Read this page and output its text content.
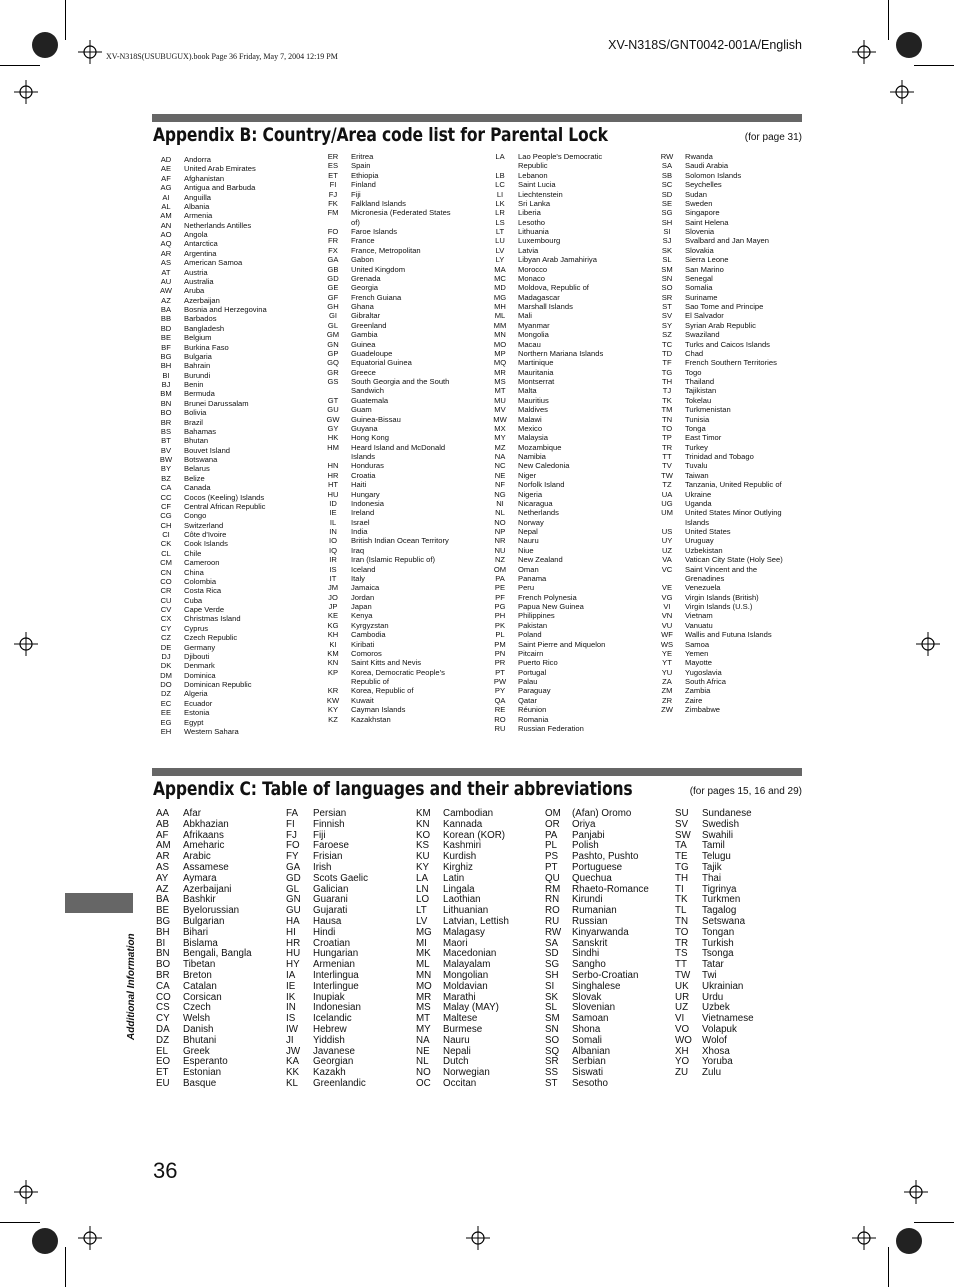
XV-N318S/GNT0042-001A/English
XV-N318S(USUBUGUX).book Page 36 Friday, May 7, 2004 12:19 PM
Appendix B: Country/Area code list for Parental Lock	(for page 31)
AD	Andorra
AE	United Arab Emirates
AF	Afghanistan
AG	Antigua and Barbuda
AI	Anguilla
AL	Albania
AM	Armenia
AN	Netherlands Antilles
AO	Angola
AQ	Antarctica
AR	Argentina
AS	American Samoa
AT	Austria
AU	Australia
AW	Aruba
AZ	Azerbaijan
BA	Bosnia and Herzegovina
BB	Barbados
BD	Bangladesh
BE	Belgium
BF	Burkina Faso
BG	Bulgaria
BH	Bahrain
BI	Burundi
BJ	Benin
BM	Bermuda
BN	Brunei Darussalam
BO	Bolivia
BR	Brazil
BS	Bahamas
BT	Bhutan
BV	Bouvet Island
BW	Botswana
BY	Belarus
BZ	Belize
CA	Canada
CC	Cocos (Keeling) Islands
CF	Central African Republic
CG	Congo
CH	Switzerland
CI	Côte d'Ivoire
CK	Cook Islands
CL	Chile
CM	Cameroon
CN	China
CO	Colombia
CR	Costa Rica
CU	Cuba
CV	Cape Verde
CX	Christmas Island
CY	Cyprus
CZ	Czech Republic
DE	Germany
DJ	Djibouti
DK	Denmark
DM	Dominica
DO	Dominican Republic
DZ	Algeria
EC	Ecuador
EE	Estonia
EG	Egypt
EH	Western Sahara
ER	Eritrea
ES	Spain
ET	Ethiopia
FI	Finland
FJ	Fiji
FK	Falkland Islands
FM	Micronesia (Federated States of)
FO	Faroe Islands
FR	France
FX	France, Metropolitan
GA	Gabon
GB	United Kingdom
GD	Grenada
GE	Georgia
GF	French Guiana
GH	Ghana
GI	Gibraltar
GL	Greenland
GM	Gambia
GN	Guinea
GP	Guadeloupe
GQ	Equatorial Guinea
GR	Greece
GS	South Georgia and the South Sandwich
GT	Guatemala
GU	Guam
GW	Guinea-Bissau
GY	Guyana
HK	Hong Kong
HM	Heard Island and McDonald Islands
HN	Honduras
HR	Croatia
HT	Haiti
HU	Hungary
ID	Indonesia
IE	Ireland
IL	Israel
IN	India
IO	British Indian Ocean Territory
IQ	Iraq
IR	Iran (Islamic Republic of)
IS	Iceland
IT	Italy
JM	Jamaica
JO	Jordan
JP	Japan
KE	Kenya
KG	Kyrgyzstan
KH	Cambodia
KI	Kiribati
KM	Comoros
KN	Saint Kitts and Nevis
KP	Korea, Democratic People's Republic of
KR	Korea, Republic of
KW	Kuwait
KY	Cayman Islands
KZ	Kazakhstan
LA	Lao People's Democratic Republic
LB	Lebanon
LC	Saint Lucia
LI	Liechtenstein
LK	Sri Lanka
LR	Liberia
LS	Lesotho
LT	Lithuania
LU	Luxembourg
LV	Latvia
LY	Libyan Arab Jamahiriya
MA	Morocco
MC	Monaco
MD	Moldova, Republic of
MG	Madagascar
MH	Marshall Islands
ML	Mali
MM	Myanmar
MN	Mongolia
MO	Macau
MP	Northern Mariana Islands
MQ	Martinique
MR	Mauritania
MS	Montserrat
MT	Malta
MU	Mauritius
MV	Maldives
MW	Malawi
MX	Mexico
MY	Malaysia
MZ	Mozambique
NA	Namibia
NC	New Caledonia
NE	Niger
NF	Norfolk Island
NG	Nigeria
NI	Nicaragua
NL	Netherlands
NO	Norway
NP	Nepal
NR	Nauru
NU	Niue
NZ	New Zealand
OM	Oman
PA	Panama
PE	Peru
PF	French Polynesia
PG	Papua New Guinea
PH	Philippines
PK	Pakistan
PL	Poland
PM	Saint Pierre and Miquelon
PN	Pitcairn
PR	Puerto Rico
PT	Portugal
PW	Palau
PY	Paraguay
QA	Qatar
RE	Réunion
RO	Romania
RU	Russian Federation
RW	Rwanda
SA	Saudi Arabia
SB	Solomon Islands
SC	Seychelles
SD	Sudan
SE	Sweden
SG	Singapore
SH	Saint Helena
SI	Slovenia
SJ	Svalbard and Jan Mayen
SK	Slovakia
SL	Sierra Leone
SM	San Marino
SN	Senegal
SO	Somalia
SR	Suriname
ST	Sao Tome and Principe
SV	El Salvador
SY	Syrian Arab Republic
SZ	Swaziland
TC	Turks and Caicos Islands
TD	Chad
TF	French Southern Territories
TG	Togo
TH	Thailand
TJ	Tajikistan
TK	Tokelau
TM	Turkmenistan
TN	Tunisia
TO	Tonga
TP	East Timor
TR	Turkey
TT	Trinidad and Tobago
TV	Tuvalu
TW	Taiwan
TZ	Tanzania, United Republic of
UA	Ukraine
UG	Uganda
UM	United States Minor Outlying Islands
US	United States
UY	Uruguay
UZ	Uzbekistan
VA	Vatican City State (Holy See)
VC	Saint Vincent and the Grenadines
VE	Venezuela
VG	Virgin Islands (British)
VI	Virgin Islands (U.S.)
VN	Vietnam
VU	Vanuatu
WF	Wallis and Futuna Islands
WS	Samoa
YE	Yemen
YT	Mayotte
YU	Yugoslavia
ZA	South Africa
ZM	Zambia
ZR	Zaire
ZW	Zimbabwe
Appendix C: Table of languages and their abbreviations	(for pages 15, 16 and 29)
AA	Afar
AB	Abkhazian
AF	Afrikaans
AM	Ameharic
AR	Arabic
AS	Assamese
AY	Aymara
AZ	Azerbaijani
BA	Bashkir
BE	Byelorussian
BG	Bulgarian
BH	Bihari
BI	Bislama
BN	Bengali, Bangla
BO	Tibetan
BR	Breton
CA	Catalan
CO	Corsican
CS	Czech
CY	Welsh
DA	Danish
DZ	Bhutani
EL	Greek
EO	Esperanto
ET	Estonian
EU	Basque
FA	Persian
FI	Finnish
FJ	Fiji
FO	Faroese
FY	Frisian
GA	Irish
GD	Scots Gaelic
GL	Galician
GN	Guarani
GU	Gujarati
HA	Hausa
HI	Hindi
HR	Croatian
HU	Hungarian
HY	Armenian
IA	Interlingua
IE	Interlingue
IK	Inupiak
IN	Indonesian
IS	Icelandic
IW	Hebrew
JI	Yiddish
JW	Javanese
KA	Georgian
KK	Kazakh
KL	Greenlandic
KM	Cambodian
KN	Kannada
KO	Korean (KOR)
KS	Kashmiri
KU	Kurdish
KY	Kirghiz
LA	Latin
LN	Lingala
LO	Laothian
LT	Lithuanian
LV	Latvian, Lettish
MG	Malagasy
MI	Maori
MK	Macedonian
ML	Malayalam
MN	Mongolian
MO	Moldavian
MR	Marathi
MS	Malay (MAY)
MT	Maltese
MY	Burmese
NA	Nauru
NE	Nepali
NL	Dutch
NO	Norwegian
OC	Occitan
OM	(Afan) Oromo
OR	Oriya
PA	Panjabi
PL	Polish
PS	Pashto, Pushto
PT	Portuguese
QU	Quechua
RM	Rhaeto-Romance
RN	Kirundi
RO	Rumanian
RU	Russian
RW	Kinyarwanda
SA	Sanskrit
SD	Sindhi
SG	Sangho
SH	Serbo-Croatian
SI	Singhalese
SK	Slovak
SL	Slovenian
SM	Samoan
SN	Shona
SO	Somali
SQ	Albanian
SR	Serbian
SS	Siswati
ST	Sesotho
SU	Sundanese
SV	Swedish
SW	Swahili
TA	Tamil
TE	Telugu
TG	Tajik
TH	Thai
TI	Tigrinya
TK	Turkmen
TL	Tagalog
TN	Setswana
TO	Tongan
TR	Turkish
TS	Tsonga
TT	Tatar
TW	Twi
UK	Ukrainian
UR	Urdu
UZ	Uzbek
VI	Vietnamese
VO	Volapuk
WO	Wolof
XH	Xhosa
YO	Yoruba
ZU	Zulu
Additional Information
36
